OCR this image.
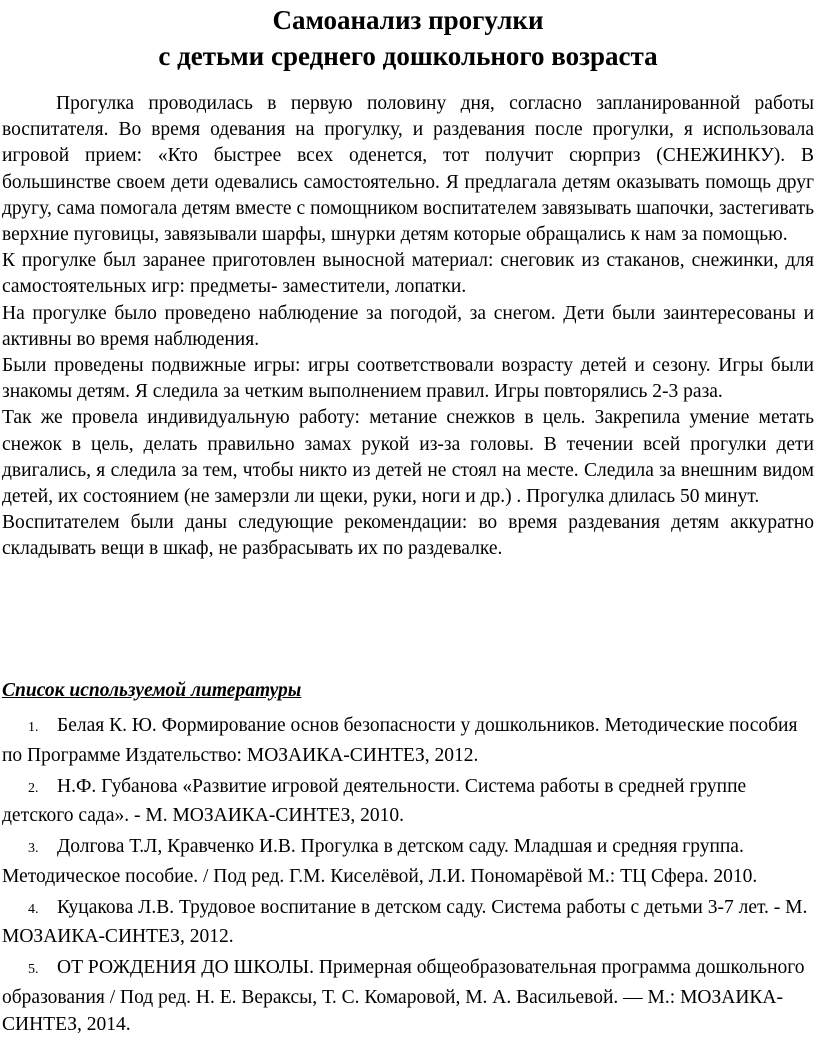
Самоанализ прогулки
с детьми среднего дошкольного возраста

Прогулка проводилась в первую половину дня, согласно запланированной работы воспитателя. Во время одевания на прогулку, и раздевания после прогулки, я использовала игровой прием: «Кто быстрее всех оденется, тот получит сюрприз (СНЕЖИНКУ). В большинстве своем дети одевались самостоятельно. Я предлагала детям оказывать помощь друг другу, сама помогала детям вместе с помощником воспитателем завязывать шапочки, застегивать верхние пуговицы, завязывали шарфы, шнурки детям которые обращались к нам за помощью.

К прогулке был заранее приготовлен выносной материал: снеговик из стаканов, снежинки, для самостоятельных игр: предметы- заместители, лопатки.

На прогулке было проведено наблюдение за погодой, за снегом. Дети были заинтересованы и активны во время наблюдения.

Были проведены подвижные игры: игры соответствовали возрасту детей и сезону. Игры были знакомы детям. Я следила за четким выполнением правил. Игры повторялись 2-3 раза.

Так же провела индивидуальную работу: метание снежков в цель. Закрепила умение метать снежок в цель, делать правильно замах рукой из-за головы. В течении всей прогулки дети двигались, я следила за тем, чтобы никто из детей не стоял на месте. Следила за внешним видом детей, их состоянием (не замерзли ли щеки, руки, ноги и др.) . Прогулка длилась 50 минут.

Воспитателем были даны следующие рекомендации: во время раздевания детям аккуратно складывать вещи в шкаф, не разбрасывать их по раздевалке.

Список используемой литературы

1. Белая К. Ю. Формирование основ безопасности у дошкольников. Методические пособия по Программе Издательство: МОЗАИКА-СИНТЕЗ, 2012.
2. Н.Ф. Губанова «Развитие игровой деятельности. Система работы в средней группе детского сада». - М. МОЗАИКА-СИНТЕЗ, 2010.
3. Долгова Т.Л, Кравченко И.В. Прогулка в детском саду. Младшая и средняя группа. Методическое пособие. / Под ред. Г.М. Киселёвой, Л.И. Пономарёвой М.: ТЦ Сфера. 2010.
4. Куцакова Л.В. Трудовое воспитание в детском саду. Система работы с детьми 3-7 лет. - М. МОЗАИКА-СИНТЕЗ, 2012.
5. ОТ РОЖДЕНИЯ ДО ШКОЛЫ. Примерная общеобразовательная программа дошкольного образования / Под ред. Н. Е. Вераксы, Т. С. Комаровой, М. А. Васильевой. — М.: МОЗАИКА-СИНТЕЗ, 2014.
